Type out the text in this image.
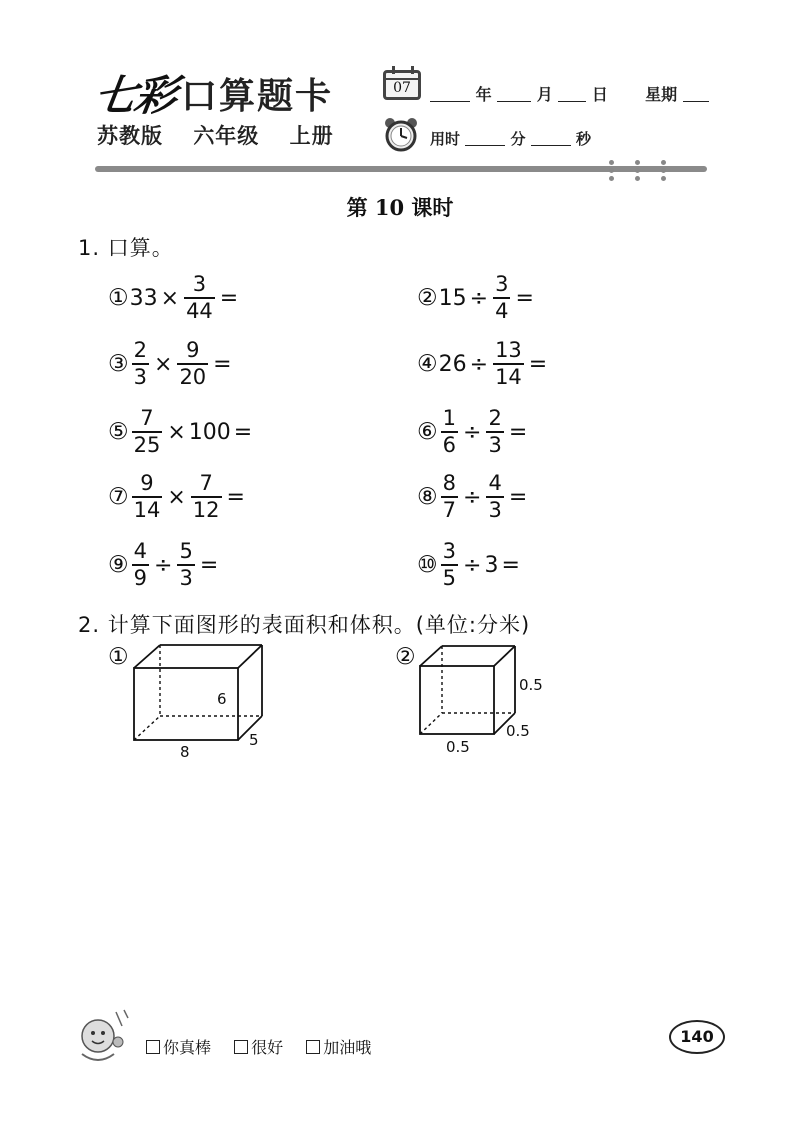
七彩 口算题卡
苏教版 六年级 上册
07	年	月 日 星期
用时	分	秒
第 10 课时
1. 口算。
① $33 \times \frac{3}{44}$ =	② $15 \div \frac{3}{4}$ =
③ $\frac{2}{3} \times \frac{9}{20}$ =	④ $26 \div \frac{13}{14}$ =
⑤ $\frac{7}{25} \times 100$ =	⑥ $\frac{1}{6} \div \frac{2}{3}$ =
⑦ $\frac{9}{14} \times \frac{7}{12}$ =	⑧ $\frac{8}{7} \div \frac{4}{3}$ =
⑨ $\frac{4}{9} \div \frac{5}{3}$ =	⑩ $\frac{3}{5} \div 3$ =
2. 计算下面图形的表面积和体积。(单位:分米)
①
6
8
5
②
0.5
0.5
0.5
你真棒
	很好
	加油哦
140
